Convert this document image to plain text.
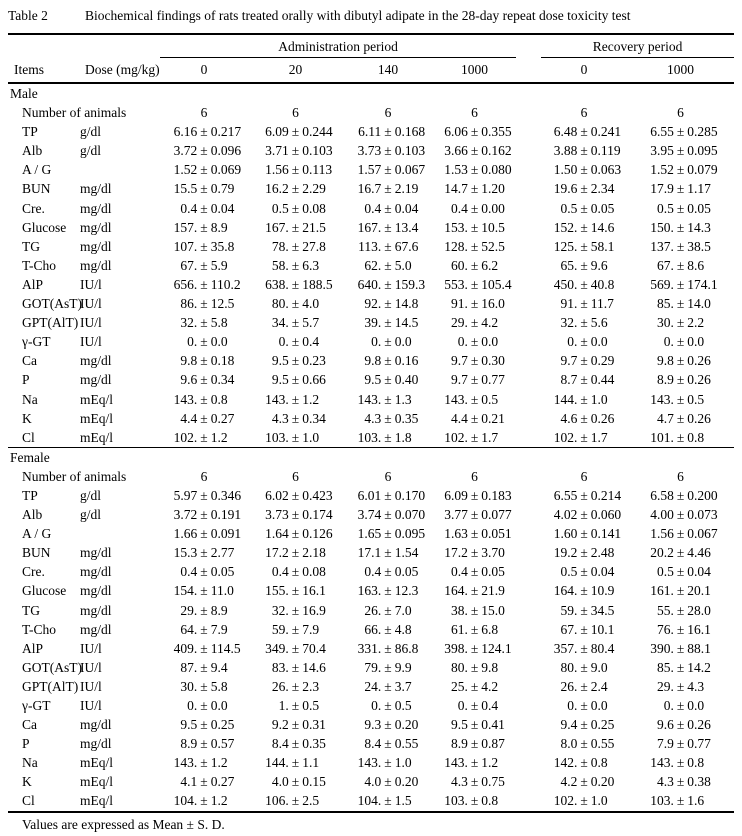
Table 2	Biochemical findings of rats treated orally with dibutyl adipate in the 28-day repeat dose toxicity test
		Administration period					Recovery period	
Items	Dose (mg/kg)	0	20	140	1000		0	1000
Male								
Number of animals		6	6	6	6		6	6
TP	g/dl	6.16 ± 0.217	6.09 ± 0.244	6.11 ± 0.168	6.06 ± 0.355		6.48 ± 0.241	6.55 ± 0.285

Alb	g/dl	3.72 ± 0.096	3.71 ± 0.103	3.73 ± 0.103	3.66 ± 0.162		3.88 ± 0.119	3.95 ± 0.095

A / G		1.52 ± 0.069	1.56 ± 0.113	1.57 ± 0.067	1.53 ± 0.080		1.50 ± 0.063	1.52 ± 0.079

BUN	mg/dl	15.5 ± 0.79	16.2 ± 2.29	16.7 ± 2.19	14.7 ± 1.20		19.6 ± 2.34	17.9 ± 1.17

Cre.	mg/dl	0.4 ± 0.04	0.5 ± 0.08	0.4 ± 0.04	0.4 ± 0.00		0.5 ± 0.05	0.5 ± 0.05

Glucose	mg/dl	157. ± 8.9	167. ± 21.5	167. ± 13.4	153. ± 10.5		152. ± 14.6	150. ± 14.3

TG	mg/dl	107. ± 35.8	78. ± 27.8	113. ± 67.6	128. ± 52.5		125. ± 58.1	137. ± 38.5

T-Cho	mg/dl	67. ± 5.9	58. ± 6.3	62. ± 5.0	60. ± 6.2		65. ± 9.6	67. ± 8.6

AlP	IU/l	656. ± 110.2	638. ± 188.5	640. ± 159.3	553. ± 105.4		450. ± 40.8	569. ± 174.1

GOT(AsT)	IU/l	86. ± 12.5	80. ± 4.0	92. ± 14.8	91. ± 16.0		91. ± 11.7	85. ± 14.0

GPT(AlT)	IU/l	32. ± 5.8	34. ± 5.7	39. ± 14.5	29. ± 4.2		32. ± 5.6	30. ± 2.2

γ-GT	IU/l	0. ± 0.0	0. ± 0.4	0. ± 0.0	0. ± 0.0		0. ± 0.0	0. ± 0.0

Ca	mg/dl	9.8 ± 0.18	9.5 ± 0.23	9.8 ± 0.16	9.7 ± 0.30		9.7 ± 0.29	9.8 ± 0.26

P	mg/dl	9.6 ± 0.34	9.5 ± 0.66	9.5 ± 0.40	9.7 ± 0.77		8.7 ± 0.44	8.9 ± 0.26

Na	mEq/l	143. ± 0.8	143. ± 1.2	143. ± 1.3	143. ± 0.5		144. ± 1.0	143. ± 0.5

K	mEq/l	4.4 ± 0.27	4.3 ± 0.34	4.3 ± 0.35	4.4 ± 0.21		4.6 ± 0.26	4.7 ± 0.26

Cl	mEq/l	102. ± 1.2	103. ± 1.0	103. ± 1.8	102. ± 1.7		102. ± 1.7	101. ± 0.8

Female								
Number of animals		6	6	6	6		6	6
TP	g/dl	5.97 ± 0.346	6.02 ± 0.423	6.01 ± 0.170	6.09 ± 0.183		6.55 ± 0.214	6.58 ± 0.200

Alb	g/dl	3.72 ± 0.191	3.73 ± 0.174	3.74 ± 0.070	3.77 ± 0.077		4.02 ± 0.060	4.00 ± 0.073

A / G		1.66 ± 0.091	1.64 ± 0.126	1.65 ± 0.095	1.63 ± 0.051		1.60 ± 0.141	1.56 ± 0.067

BUN	mg/dl	15.3 ± 2.77	17.2 ± 2.18	17.1 ± 1.54	17.2 ± 3.70		19.2 ± 2.48	20.2 ± 4.46

Cre.	mg/dl	0.4 ± 0.05	0.4 ± 0.08	0.4 ± 0.05	0.4 ± 0.05		0.5 ± 0.04	0.5 ± 0.04

Glucose	mg/dl	154. ± 11.0	155. ± 16.1	163. ± 12.3	164. ± 21.9		164. ± 10.9	161. ± 20.1

TG	mg/dl	29. ± 8.9	32. ± 16.9	26. ± 7.0	38. ± 15.0		59. ± 34.5	55. ± 28.0

T-Cho	mg/dl	64. ± 7.9	59. ± 7.9	66. ± 4.8	61. ± 6.8		67. ± 10.1	76. ± 16.1

AlP	IU/l	409. ± 114.5	349. ± 70.4	331. ± 86.8	398. ± 124.1		357. ± 80.4	390. ± 88.1

GOT(AsT)	IU/l	87. ± 9.4	83. ± 14.6	79. ± 9.9	80. ± 9.8		80. ± 9.0	85. ± 14.2

GPT(AlT)	IU/l	30. ± 5.8	26. ± 2.3	24. ± 3.7	25. ± 4.2		26. ± 2.4	29. ± 4.3

γ-GT	IU/l	0. ± 0.0	1. ± 0.5	0. ± 0.5	0. ± 0.4		0. ± 0.0	0. ± 0.0

Ca	mg/dl	9.5 ± 0.25	9.2 ± 0.31	9.3 ± 0.20	9.5 ± 0.41		9.4 ± 0.25	9.6 ± 0.26

P	mg/dl	8.9 ± 0.57	8.4 ± 0.35	8.4 ± 0.55	8.9 ± 0.87		8.0 ± 0.55	7.9 ± 0.77

Na	mEq/l	143. ± 1.2	144. ± 1.1	143. ± 1.0	143. ± 1.2		142. ± 0.8	143. ± 0.8

K	mEq/l	4.1 ± 0.27	4.0 ± 0.15	4.0 ± 0.20	4.3 ± 0.75		4.2 ± 0.20	4.3 ± 0.38

Cl	mEq/l	104. ± 1.2	106. ± 2.5	104. ± 1.5	103. ± 0.8		102. ± 1.0	103. ± 1.6
Values are expressed as Mean ± S. D.
